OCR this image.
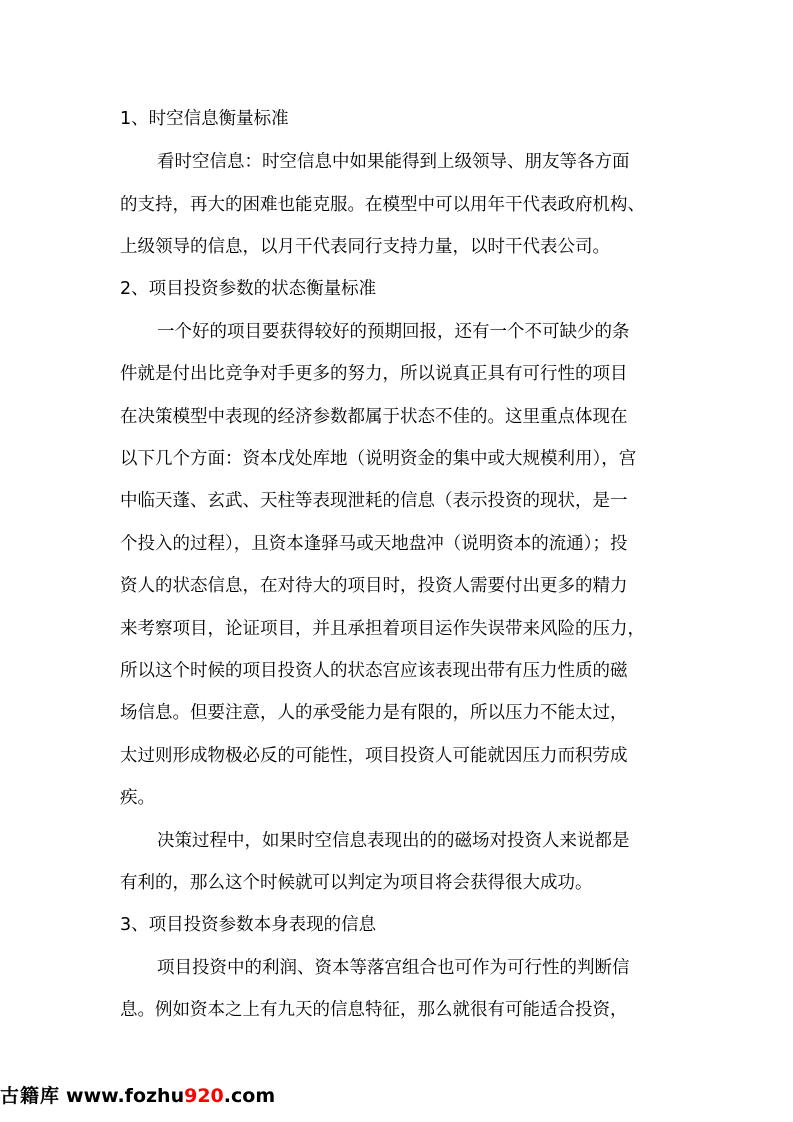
1、时空信息衡量标准
看时空信息：时空信息中如果能得到上级领导、朋友等各方面
的支持，再大的困难也能克服。在模型中可以用年干代表政府机构、
上级领导的信息，以月干代表同行支持力量，以时干代表公司。
2、项目投资参数的状态衡量标准
一个好的项目要获得较好的预期回报，还有一个不可缺少的条
件就是付出比竞争对手更多的努力，所以说真正具有可行性的项目
在决策模型中表现的经济参数都属于状态不佳的。这里重点体现在
以下几个方面：资本戊处库地（说明资金的集中或大规模利用），宫
中临天蓬、玄武、天柱等表现泄耗的信息（表示投资的现状，是一
个投入的过程），且资本逢驿马或天地盘冲（说明资本的流通）；投
资人的状态信息，在对待大的项目时，投资人需要付出更多的精力
来考察项目，论证项目，并且承担着项目运作失误带来风险的压力，
所以这个时候的项目投资人的状态宫应该表现出带有压力性质的磁
场信息。但要注意，人的承受能力是有限的，所以压力不能太过，
太过则形成物极必反的可能性，项目投资人可能就因压力而积劳成
疾。
决策过程中，如果时空信息表现出的的磁场对投资人来说都是
有利的，那么这个时候就可以判定为项目将会获得很大成功。
3、项目投资参数本身表现的信息
项目投资中的利润、资本等落宫组合也可作为可行性的判断信
息。例如资本之上有九天的信息特征，那么就很有可能适合投资，
古籍库 www.fozhu920.com
